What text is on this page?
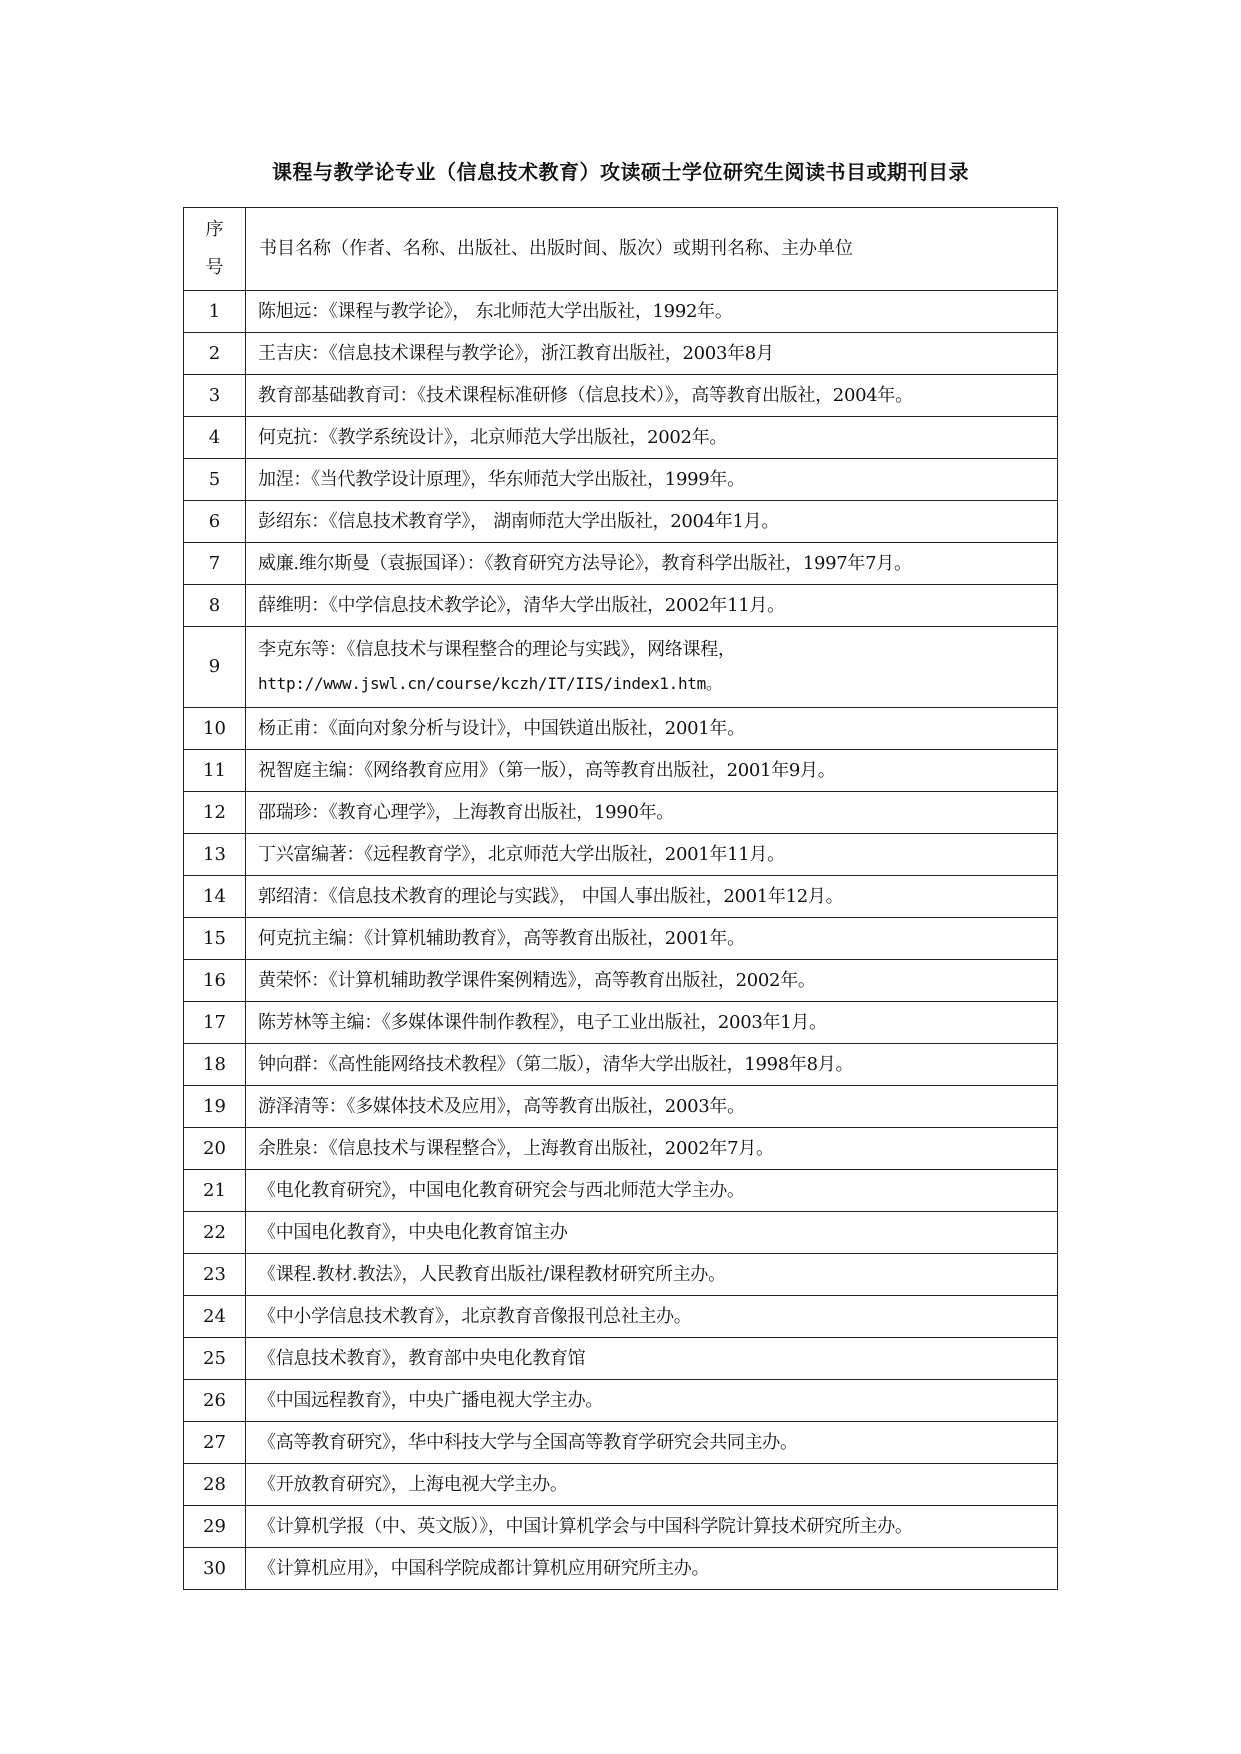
课程与教学论专业（信息技术教育）攻读硕士学位研究生阅读书目或期刊目录
序
号	书目名称（作者、名称、出版社、出版时间、版次）或期刊名称、主办单位
1	陈旭远：《课程与教学论》， 东北师范大学出版社，1992年。
2	王吉庆：《信息技术课程与教学论》，浙江教育出版社，2003年8月
3	教育部基础教育司：《技术课程标准研修（信息技术）》，高等教育出版社，2004年。
4	何克抗：《教学系统设计》，北京师范大学出版社，2002年。
5	加涅：《当代教学设计原理》，华东师范大学出版社，1999年。
6	彭绍东：《信息技术教育学》， 湖南师范大学出版社，2004年1月。
7	威廉.维尔斯曼（袁振国译）：《教育研究方法导论》，教育科学出版社，1997年7月。
8	薛维明：《中学信息技术教学论》，清华大学出版社，2002年11月。
9	李克东等：《信息技术与课程整合的理论与实践》，网络课程，
http://www.jswl.cn/course/kczh/IT/IIS/index1.htm。

10	杨正甫：《面向对象分析与设计》，中国铁道出版社，2001年。
11	祝智庭主编：《网络教育应用》（第一版），高等教育出版社，2001年9月。
12	邵瑞珍：《教育心理学》，上海教育出版社，1990年。
13	丁兴富编著：《远程教育学》，北京师范大学出版社，2001年11月。
14	郭绍清：《信息技术教育的理论与实践》， 中国人事出版社，2001年12月。
15	何克抗主编：《计算机辅助教育》，高等教育出版社，2001年。
16	黄荣怀：《计算机辅助教学课件案例精选》，高等教育出版社，2002年。
17	陈芳林等主编：《多媒体课件制作教程》，电子工业出版社，2003年1月。
18	钟向群：《高性能网络技术教程》（第二版），清华大学出版社，1998年8月。
19	游泽清等：《多媒体技术及应用》，高等教育出版社，2003年。
20	余胜泉：《信息技术与课程整合》，上海教育出版社，2002年7月。
21	《电化教育研究》，中国电化教育研究会与西北师范大学主办。
22	《中国电化教育》，中央电化教育馆主办
23	《课程.教材.教法》，人民教育出版社/课程教材研究所主办。
24	《中小学信息技术教育》，北京教育音像报刊总社主办。
25	《信息技术教育》，教育部中央电化教育馆
26	《中国远程教育》，中央广播电视大学主办。
27	《高等教育研究》，华中科技大学与全国高等教育学研究会共同主办。
28	《开放教育研究》，上海电视大学主办。
29	《计算机学报（中、英文版）》，中国计算机学会与中国科学院计算技术研究所主办。
30	《计算机应用》，中国科学院成都计算机应用研究所主办。
